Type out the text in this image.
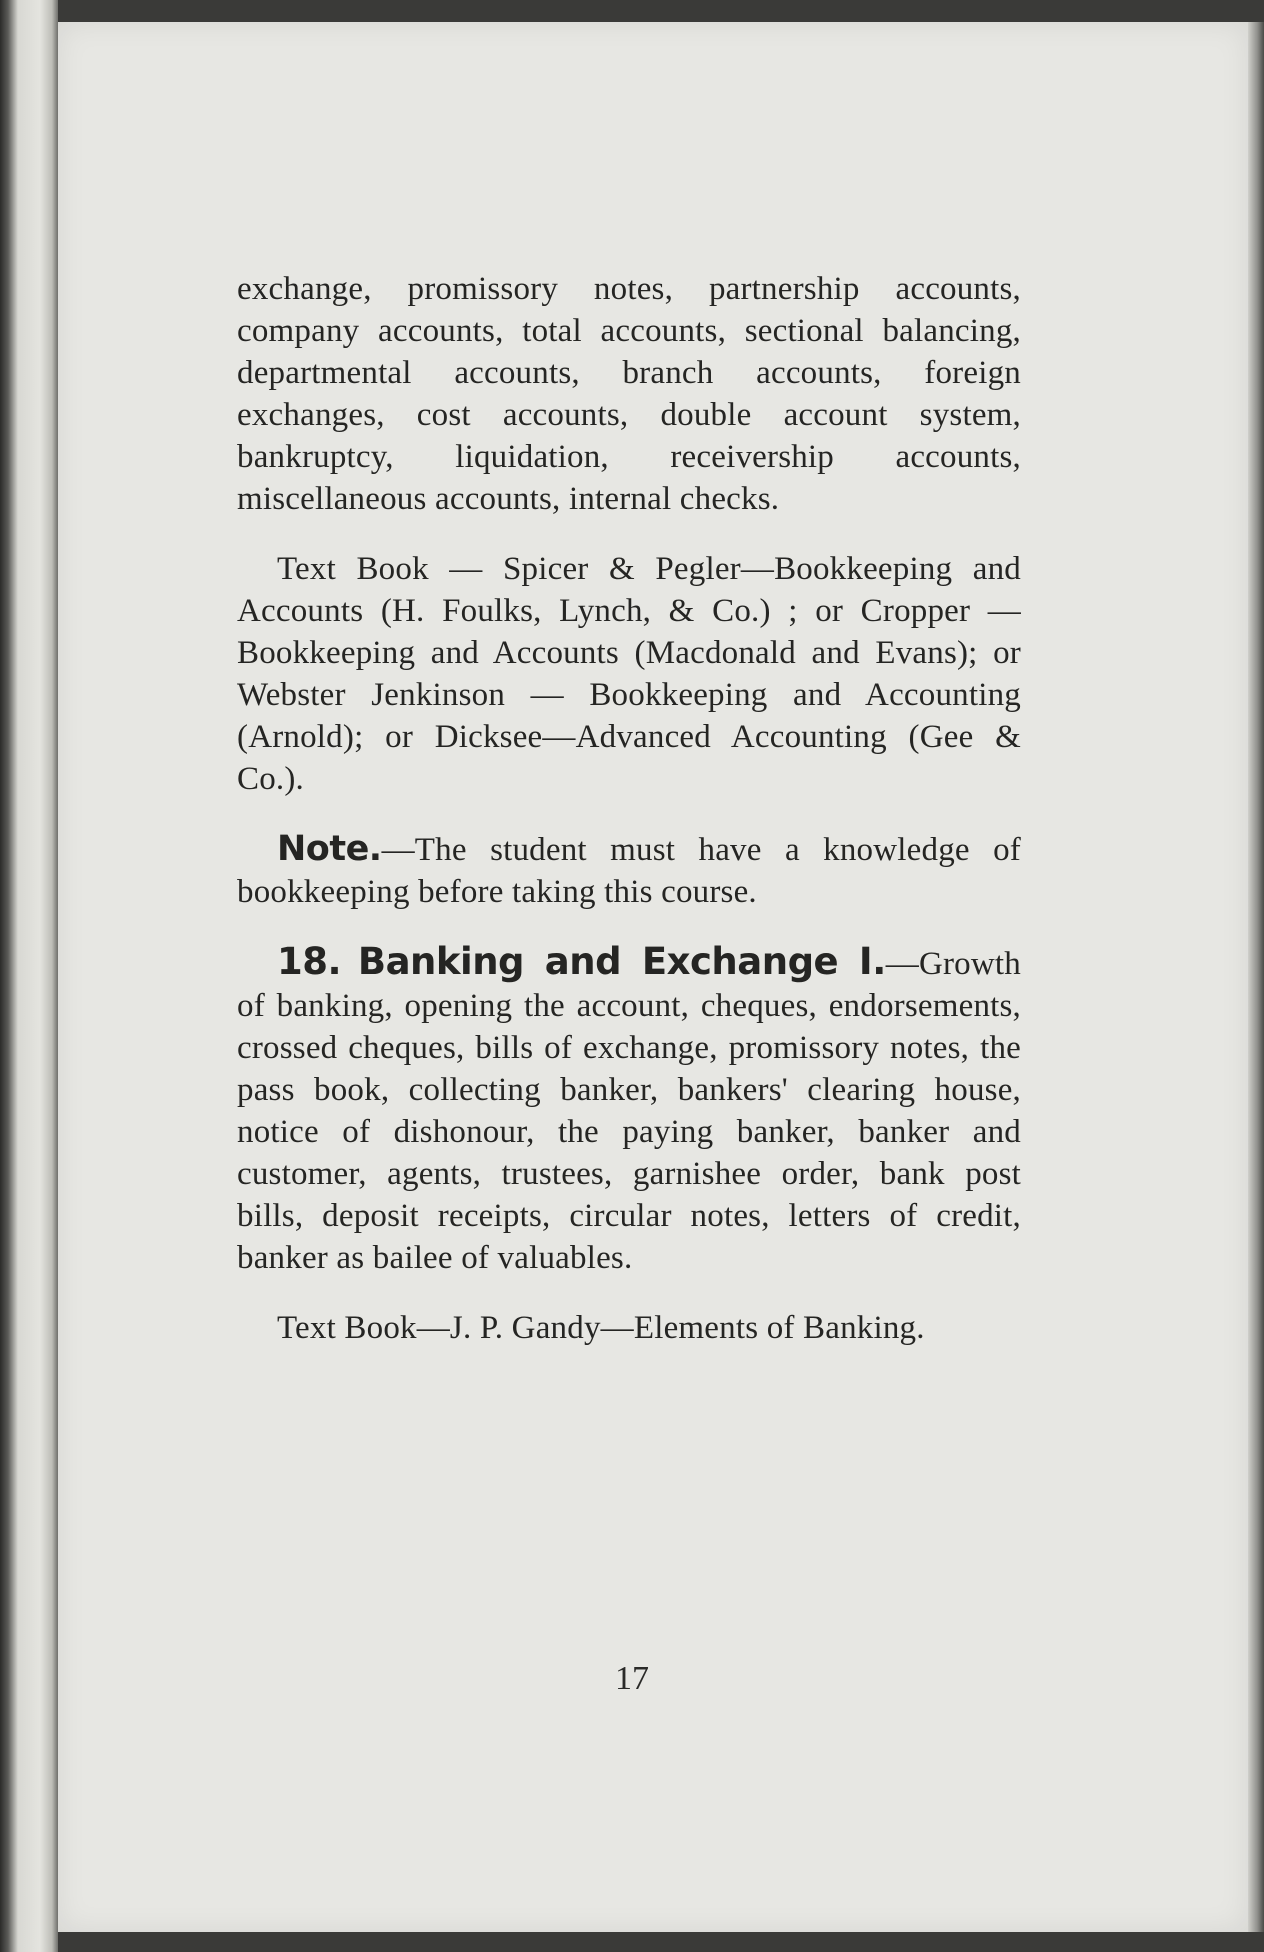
exchange, promissory notes, partnership accounts, company accounts, total accounts, sectional balancing, departmental accounts, branch accounts, foreign exchanges, cost accounts, double account system, bankruptcy, liquidation, receivership accounts, miscellaneous accounts, internal checks.

Text Book — Spicer & Pegler—Bookkeeping and Accounts (H. Foulks, Lynch, & Co.) ; or Cropper — Bookkeeping and Accounts (Macdonald and Evans); or Webster Jenkinson — Bookkeeping and Accounting (Arnold); or Dicksee—Advanced Accounting (Gee & Co.).

Note.—The student must have a knowledge of bookkeeping before taking this course.

18. Banking and Exchange I.—Growth of banking, opening the account, cheques, endorsements, crossed cheques, bills of exchange, promissory notes, the pass book, collecting banker, bankers' clearing house, notice of dishonour, the paying banker, banker and customer, agents, trustees, garnishee order, bank post bills, deposit receipts, circular notes, letters of credit, banker as bailee of valuables.

Text Book—J. P. Gandy—Elements of Banking.

17
